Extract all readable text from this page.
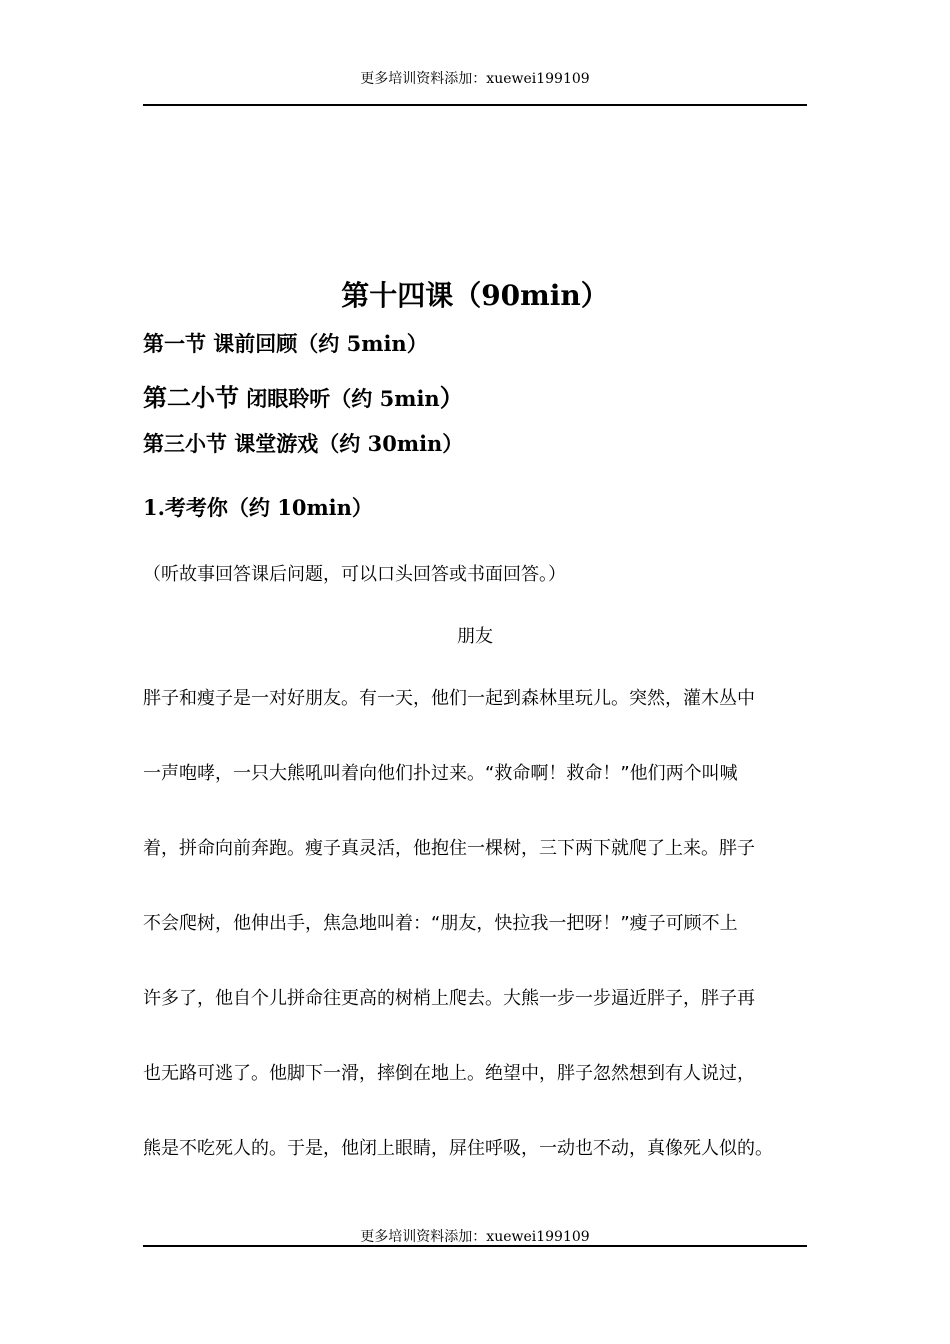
更多培训资料添加：xuewei199109
第十四课（90min）
第一节 课前回顾（约 5min）
第二小节 闭眼聆听（约 5min）
第三小节 课堂游戏（约 30min）
1.考考你（约 10min）
（听故事回答课后问题，可以口头回答或书面回答。）
朋友
胖子和瘦子是一对好朋友。有一天，他们一起到森林里玩儿。突然，灌木丛中
一声咆哮，一只大熊吼叫着向他们扑过来。“救命啊！救命！”他们两个叫喊
着，拼命向前奔跑。瘦子真灵活，他抱住一棵树，三下两下就爬了上来。胖子
不会爬树，他伸出手，焦急地叫着：“朋友，快拉我一把呀！”瘦子可顾不上
许多了，他自个儿拼命往更高的树梢上爬去。大熊一步一步逼近胖子，胖子再
也无路可逃了。他脚下一滑，摔倒在地上。绝望中，胖子忽然想到有人说过，
熊是不吃死人的。于是，他闭上眼睛，屏住呼吸，一动也不动，真像死人似的。
更多培训资料添加：xuewei199109
